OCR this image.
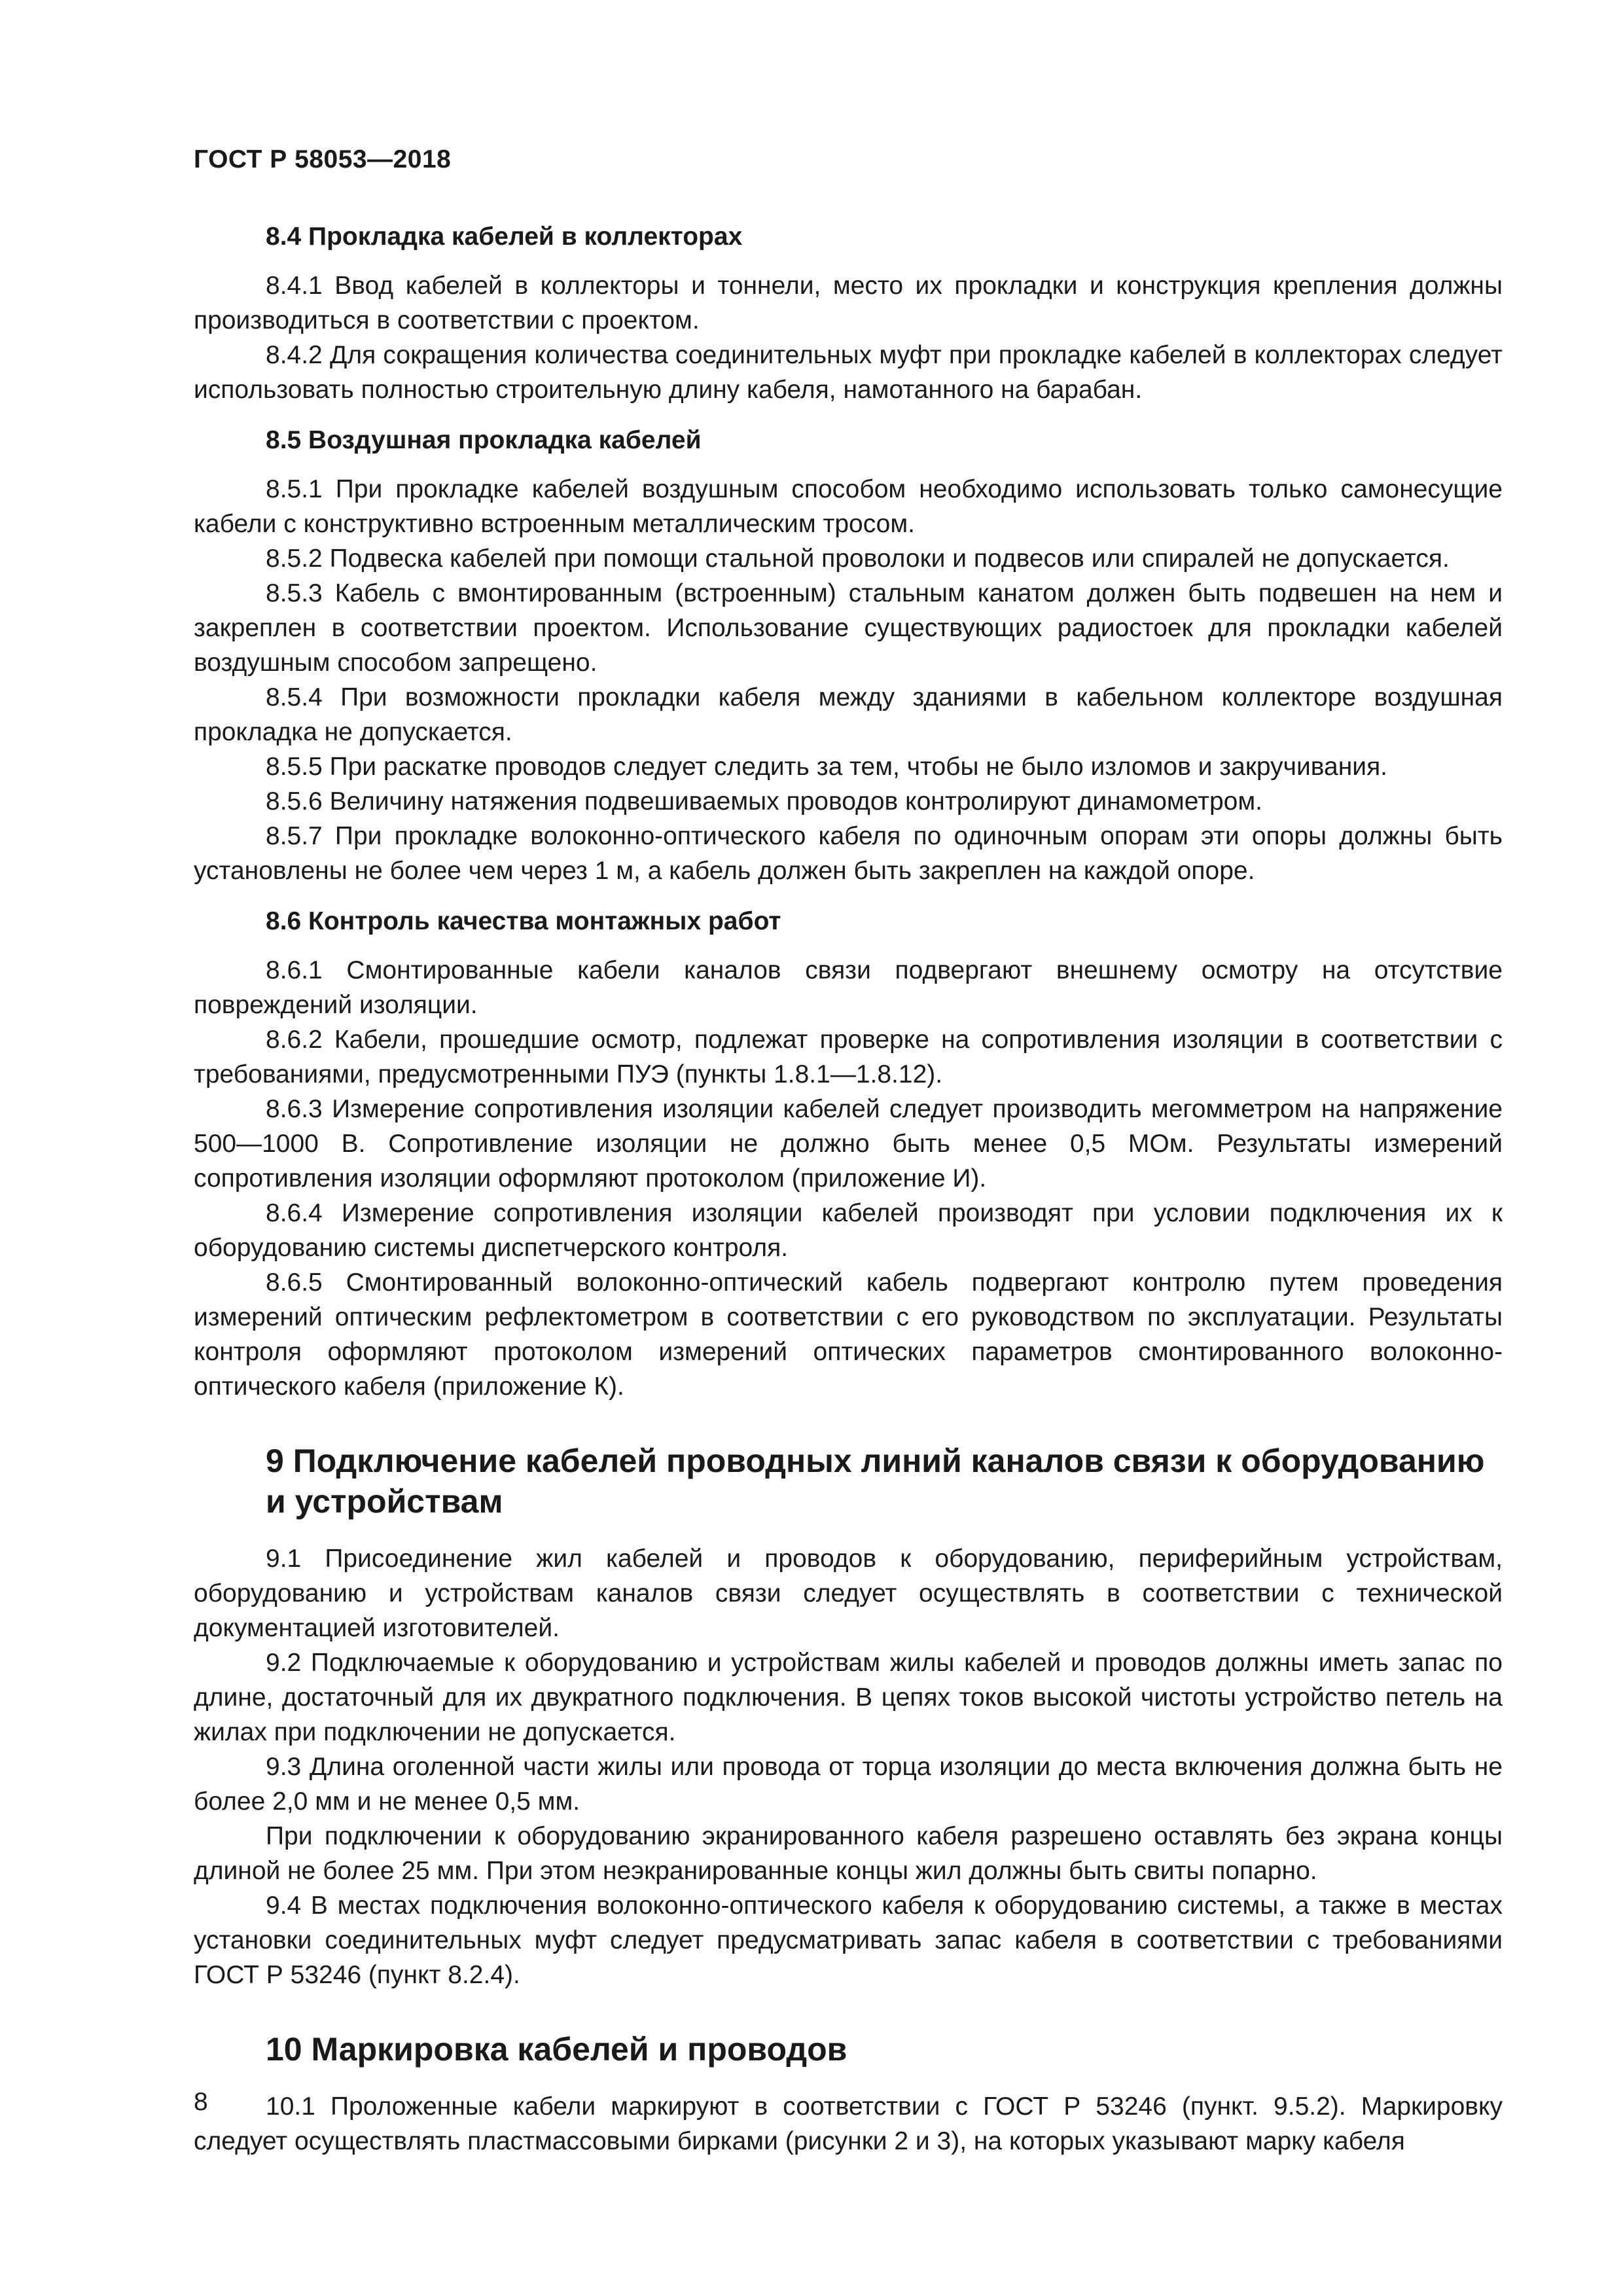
ГОСТ Р 58053—2018
8.4 Прокладка кабелей в коллекторах

8.4.1 Ввод кабелей в коллекторы и тоннели, место их прокладки и конструкция крепления должны производиться в соответствии с проектом.

8.4.2 Для сокращения количества соединительных муфт при прокладке кабелей в коллекторах следует использовать полностью строительную длину кабеля, намотанного на барабан.

8.5 Воздушная прокладка кабелей

8.5.1 При прокладке кабелей воздушным способом необходимо использовать только самонесущие кабели с конструктивно встроенным металлическим тросом.

8.5.2 Подвеска кабелей при помощи стальной проволоки и подвесов или спиралей не допускается.

8.5.3 Кабель с вмонтированным (встроенным) стальным канатом должен быть подвешен на нем и закреплен в соответствии проектом. Использование существующих радиостоек для прокладки кабелей воздушным способом запрещено.

8.5.4 При возможности прокладки кабеля между зданиями в кабельном коллекторе воздушная прокладка не допускается.

8.5.5 При раскатке проводов следует следить за тем, чтобы не было изломов и закручивания.

8.5.6 Величину натяжения подвешиваемых проводов контролируют динамометром.

8.5.7 При прокладке волоконно-оптического кабеля по одиночным опорам эти опоры должны быть установлены не более чем через 1 м, а кабель должен быть закреплен на каждой опоре.

8.6 Контроль качества монтажных работ

8.6.1 Смонтированные кабели каналов связи подвергают внешнему осмотру на отсутствие повреждений изоляции.

8.6.2 Кабели, прошедшие осмотр, подлежат проверке на сопротивления изоляции в соответствии с требованиями, предусмотренными ПУЭ (пункты 1.8.1—1.8.12).

8.6.3 Измерение сопротивления изоляции кабелей следует производить мегомметром на напряжение 500—1000 В. Сопротивление изоляции не должно быть менее 0,5 МОм. Результаты измерений сопротивления изоляции оформляют протоколом (приложение И).

8.6.4 Измерение сопротивления изоляции кабелей производят при условии подключения их к оборудованию системы диспетчерского контроля.

8.6.5 Смонтированный волоконно-оптический кабель подвергают контролю путем проведения измерений оптическим рефлектометром в соответствии с его руководством по эксплуатации. Результаты контроля оформляют протоколом измерений оптических параметров смонтированного волоконно-оптического кабеля (приложение К).

9 Подключение кабелей проводных линий каналов связи к оборудованию и устройствам

9.1 Присоединение жил кабелей и проводов к оборудованию, периферийным устройствам, оборудованию и устройствам каналов связи следует осуществлять в соответствии с технической документацией изготовителей.

9.2 Подключаемые к оборудованию и устройствам жилы кабелей и проводов должны иметь запас по длине, достаточный для их двукратного подключения. В цепях токов высокой чистоты устройство петель на жилах при подключении не допускается.

9.3 Длина оголенной части жилы или провода от торца изоляции до места включения должна быть не более 2,0 мм и не менее 0,5 мм.

При подключении к оборудованию экранированного кабеля разрешено оставлять без экрана концы длиной не более 25 мм. При этом неэкранированные концы жил должны быть свиты попарно.

9.4 В местах подключения волоконно-оптического кабеля к оборудованию системы, а также в местах установки соединительных муфт следует предусматривать запас кабеля в соответствии с требованиями ГОСТ Р 53246 (пункт 8.2.4).

10 Маркировка кабелей и проводов

10.1 Проложенные кабели маркируют в соответствии с ГОСТ Р 53246 (пункт. 9.5.2). Маркировку следует осуществлять пластмассовыми бирками (рисунки 2 и 3), на которых указывают марку кабеля

8
